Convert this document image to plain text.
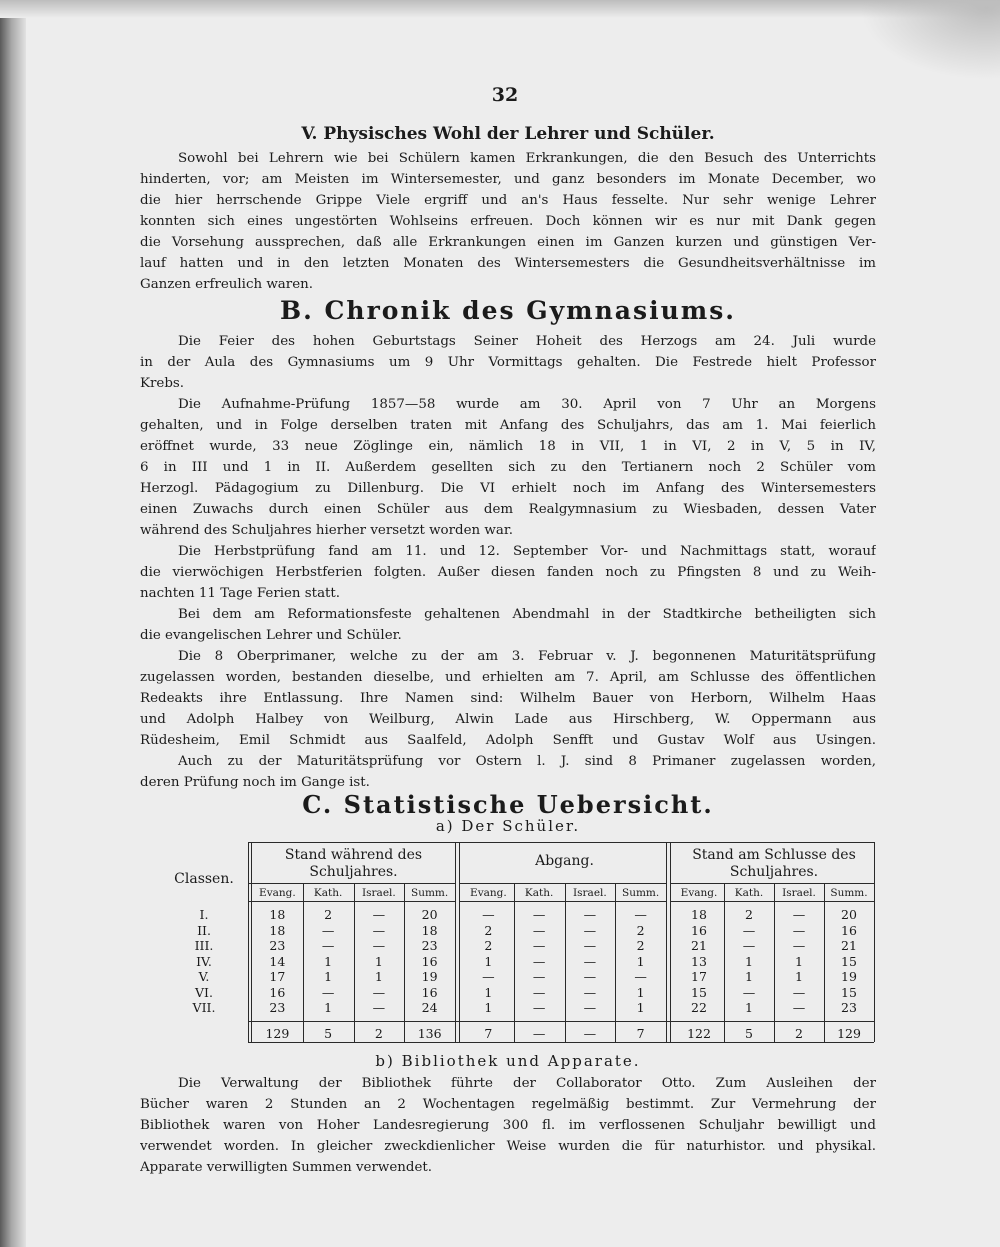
32
V. Physisches Wohl der Lehrer und Schüler.
Sowohl bei Lehrern wie bei Schülern kamen Erkrankungen, die den Besuch des Unterrichts
hinderten, vor; am Meisten im Wintersemester, und ganz besonders im Monate December, wo
die hier herrschende Grippe Viele ergriff und an's Haus fesselte. Nur sehr wenige Lehrer
konnten sich eines ungestörten Wohlseins erfreuen. Doch können wir es nur mit Dank gegen
die Vorsehung aussprechen, daß alle Erkrankungen einen im Ganzen kurzen und günstigen Ver-
lauf hatten und in den letzten Monaten des Wintersemesters die Gesundheitsverhältnisse im
Ganzen erfreulich waren.
B. Chronik des Gymnasiums.
Die Feier des hohen Geburtstags Seiner Hoheit des Herzogs am 24. Juli wurde
in der Aula des Gymnasiums um 9 Uhr Vormittags gehalten. Die Festrede hielt Professor
Krebs.
Die Aufnahme-Prüfung 1857—58 wurde am 30. April von 7 Uhr an Morgens
gehalten, und in Folge derselben traten mit Anfang des Schuljahrs, das am 1. Mai feierlich
eröffnet wurde, 33 neue Zöglinge ein, nämlich 18 in VII, 1 in VI, 2 in V, 5 in IV,
6 in III und 1 in II. Außerdem gesellten sich zu den Tertianern noch 2 Schüler vom
Herzogl. Pädagogium zu Dillenburg. Die VI erhielt noch im Anfang des Wintersemesters
einen Zuwachs durch einen Schüler aus dem Realgymnasium zu Wiesbaden, dessen Vater
während des Schuljahres hierher versetzt worden war.
Die Herbstprüfung fand am 11. und 12. September Vor- und Nachmittags statt, worauf
die vierwöchigen Herbstferien folgten. Außer diesen fanden noch zu Pfingsten 8 und zu Weih-
nachten 11 Tage Ferien statt.
Bei dem am Reformationsfeste gehaltenen Abendmahl in der Stadtkirche betheiligten sich
die evangelischen Lehrer und Schüler.
Die 8 Oberprimaner, welche zu der am 3. Februar v. J. begonnenen Maturitätsprüfung
zugelassen worden, bestanden dieselbe, und erhielten am 7. April, am Schlusse des öffentlichen
Redeakts ihre Entlassung. Ihre Namen sind: Wilhelm Bauer von Herborn, Wilhelm Haas
und Adolph Halbey von Weilburg, Alwin Lade aus Hirschberg, W. Oppermann aus
Rüdesheim, Emil Schmidt aus Saalfeld, Adolph Senfft und Gustav Wolf aus Usingen.
Auch zu der Maturitätsprüfung vor Ostern l. J. sind 8 Primaner zugelassen worden,
deren Prüfung noch im Gange ist.
C. Statistische Uebersicht.
a) Der Schüler.
Classen.
Stand während des Schuljahres.
Evang.	Kath.	Israel.	Summ.
Abgang.
Evang.	Kath.	Israel.	Summ.
Stand am Schlusse des Schuljahres.
Evang.	Kath.	Israel.	Summ.
I.	18	2	—	20	—	—	—	—	18	2	—	20
II.	18	—	—	18	2	—	—	2	16	—	—	16
III.	23	—	—	23	2	—	—	2	21	—	—	21
IV.	14	1	1	16	1	—	—	1	13	1	1	15
V.	17	1	1	19	—	—	—	—	17	1	1	19
VI.	16	—	—	16	1	—	—	1	15	—	—	15
VII.	23	1	—	24	1	—	—	1	22	1	—	23
129	5	2	136	7	—	—	7	122	5	2	129
b) Bibliothek und Apparate.
Die Verwaltung der Bibliothek führte der Collaborator Otto. Zum Ausleihen der
Bücher waren 2 Stunden an 2 Wochentagen regelmäßig bestimmt. Zur Vermehrung der
Bibliothek waren von Hoher Landesregierung 300 fl. im verflossenen Schuljahr bewilligt und
verwendet worden. In gleicher zweckdienlicher Weise wurden die für naturhistor. und physikal.
Apparate verwilligten Summen verwendet.
